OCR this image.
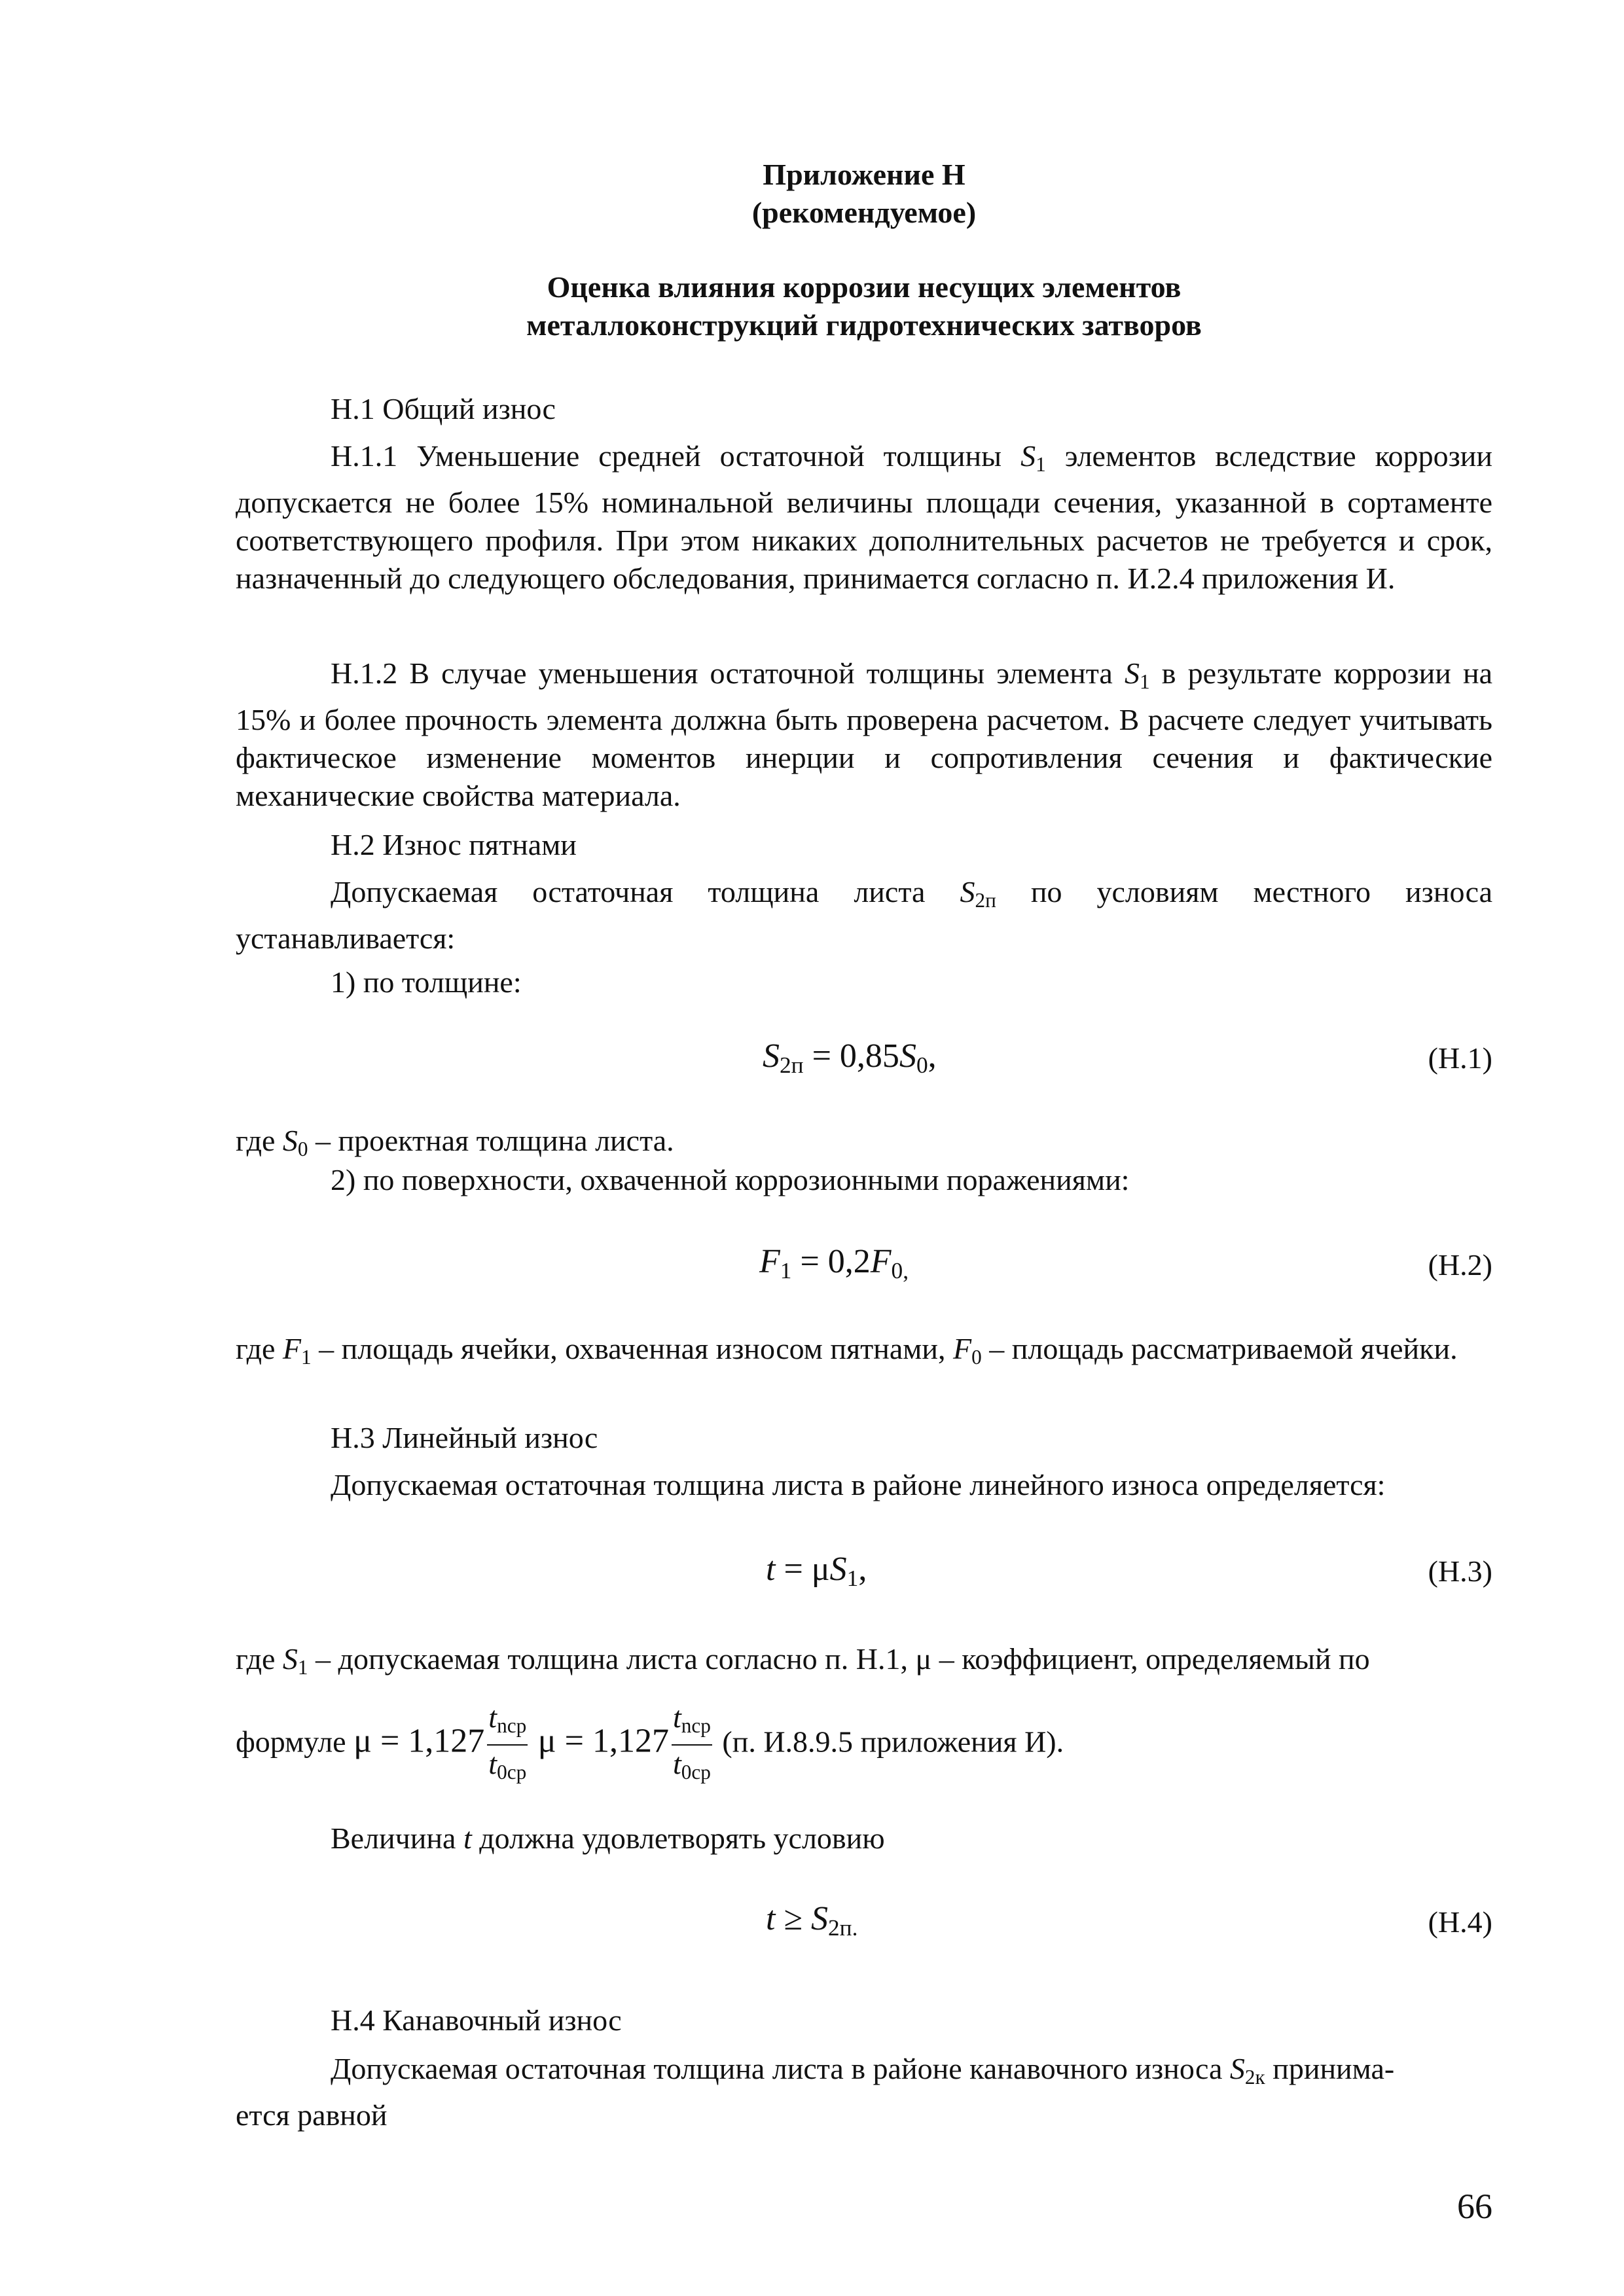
Приложение Н
(рекомендуемое)
Оценка влияния коррозии несущих элементов
металлоконструкций гидротехнических затворов
Н.1 Общий износ
Н.1.1 Уменьшение средней остаточной толщины $S_1$ элементов вследствие коррозии допускается не более 15% номинальной величины площади сечения, указанной в сортаменте соответствующего профиля. При этом никаких дополнительных расчетов не требуется и срок, назначенный до следующего обследования, принимается согласно п. И.2.4 приложения И.
Н.1.2 В случае уменьшения остаточной толщины элемента $S_1$ в результате коррозии на 15% и более прочность элемента должна быть проверена расчетом. В расчете следует учитывать фактическое изменение моментов инерции и сопротивления сечения и фактические механические свойства материала.
Н.2 Износ пятнами
Допускаемая остаточная толщина листа $S_{2п}$ по условиям местного износа устанавливается:
1) по толщине:
$S_{2п} = 0,85S_0$,	(Н.1)
где $S_0$ – проектная толщина листа.
2) по поверхности, охваченной коррозионными поражениями:
$F_1 = 0,2F_{0,}$	(Н.2)
где $F_1$ – площадь ячейки, охваченная износом пятнами, $F_0$ – площадь рассматриваемой ячейки.
Н.3 Линейный износ
Допускаемая остаточная толщина листа в районе линейного износа определяется:
$t = \mu S_1$,	(Н.3)
где $S_1$ – допускаемая толщина листа согласно п. Н.1, μ – коэффициент, определяемый по
формуле $\mu = 1,127 \frac{t_{nср}}{t_{0ср}}$ $\mu = 1,127 \frac{t_{nср}}{t_{0ср}} (п$. И.8.9.5 приложения И).
Величина t должна удовлетворять условию
$t \ge S_{2п.}$	(Н.4)
Н.4 Канавочный износ
Допускаемая остаточная толщина листа в районе канавочного износа $S_{2к}$ принима-
ется равной
66
